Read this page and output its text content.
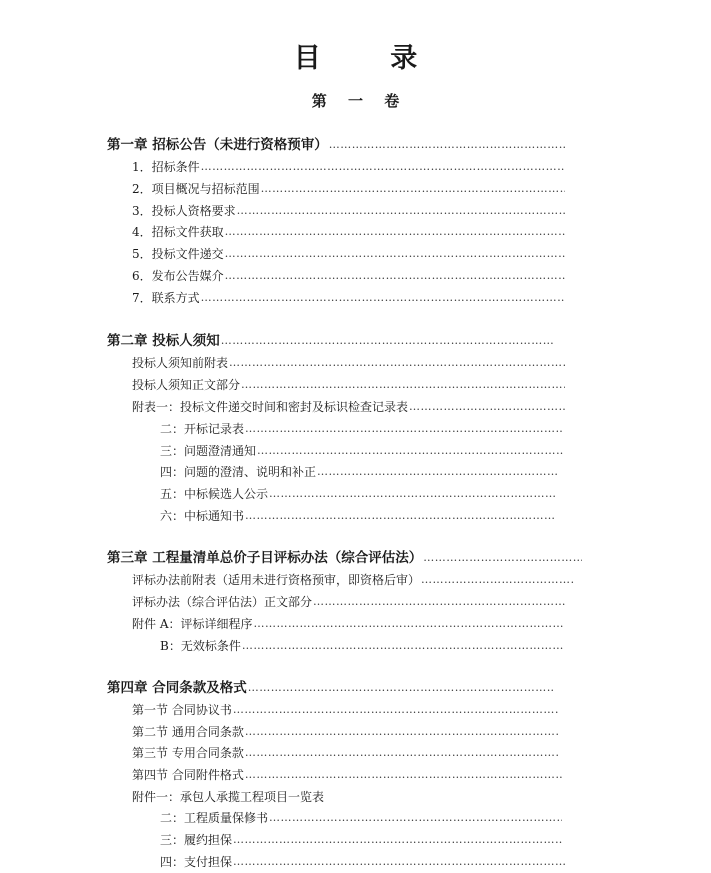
目 录
第 一 卷
第一章 招标公告（未进行资格预审）
………………………………………………………………………………………………………………………………………………………………………………
1．招标条件
………………………………………………………………………………………………………………………………………………………………………………
2．项目概况与招标范围
………………………………………………………………………………………………………………………………………………………………………………
3．投标人资格要求
………………………………………………………………………………………………………………………………………………………………………………
4．招标文件获取
………………………………………………………………………………………………………………………………………………………………………………
5．投标文件递交
………………………………………………………………………………………………………………………………………………………………………………
6．发布公告媒介
………………………………………………………………………………………………………………………………………………………………………………
7．联系方式
………………………………………………………………………………………………………………………………………………………………………………
第二章 投标人须知
………………………………………………………………………………………………………………………………………………………………………………
投标人须知前附表
………………………………………………………………………………………………………………………………………………………………………………
投标人须知正文部分
………………………………………………………………………………………………………………………………………………………………………………
附表一：投标文件递交时间和密封及标识检查记录表
………………………………………………………………………………………………………………………………………………………………………………
二：开标记录表
………………………………………………………………………………………………………………………………………………………………………………
三：问题澄清通知
………………………………………………………………………………………………………………………………………………………………………………
四：问题的澄清、说明和补正
………………………………………………………………………………………………………………………………………………………………………………
五：中标候选人公示
………………………………………………………………………………………………………………………………………………………………………………
六：中标通知书
………………………………………………………………………………………………………………………………………………………………………………
第三章 工程量清单总价子目评标办法（综合评估法）
………………………………………………………………………………………………………………………………………………………………………………
评标办法前附表（适用未进行资格预审，即资格后审）
………………………………………………………………………………………………………………………………………………………………………………
评标办法（综合评估法）正文部分
………………………………………………………………………………………………………………………………………………………………………………
附件 A：评标详细程序
………………………………………………………………………………………………………………………………………………………………………………
B：无效标条件
………………………………………………………………………………………………………………………………………………………………………………
第四章 合同条款及格式
………………………………………………………………………………………………………………………………………………………………………………
第一节 合同协议书
………………………………………………………………………………………………………………………………………………………………………………
第二节 通用合同条款
………………………………………………………………………………………………………………………………………………………………………………
第三节 专用合同条款
………………………………………………………………………………………………………………………………………………………………………………
第四节 合同附件格式
………………………………………………………………………………………………………………………………………………………………………………
附件一：承包人承揽工程项目一览表
二：工程质量保修书
………………………………………………………………………………………………………………………………………………………………………………
三：履约担保
………………………………………………………………………………………………………………………………………………………………………………
四：支付担保
………………………………………………………………………………………………………………………………………………………………………………
